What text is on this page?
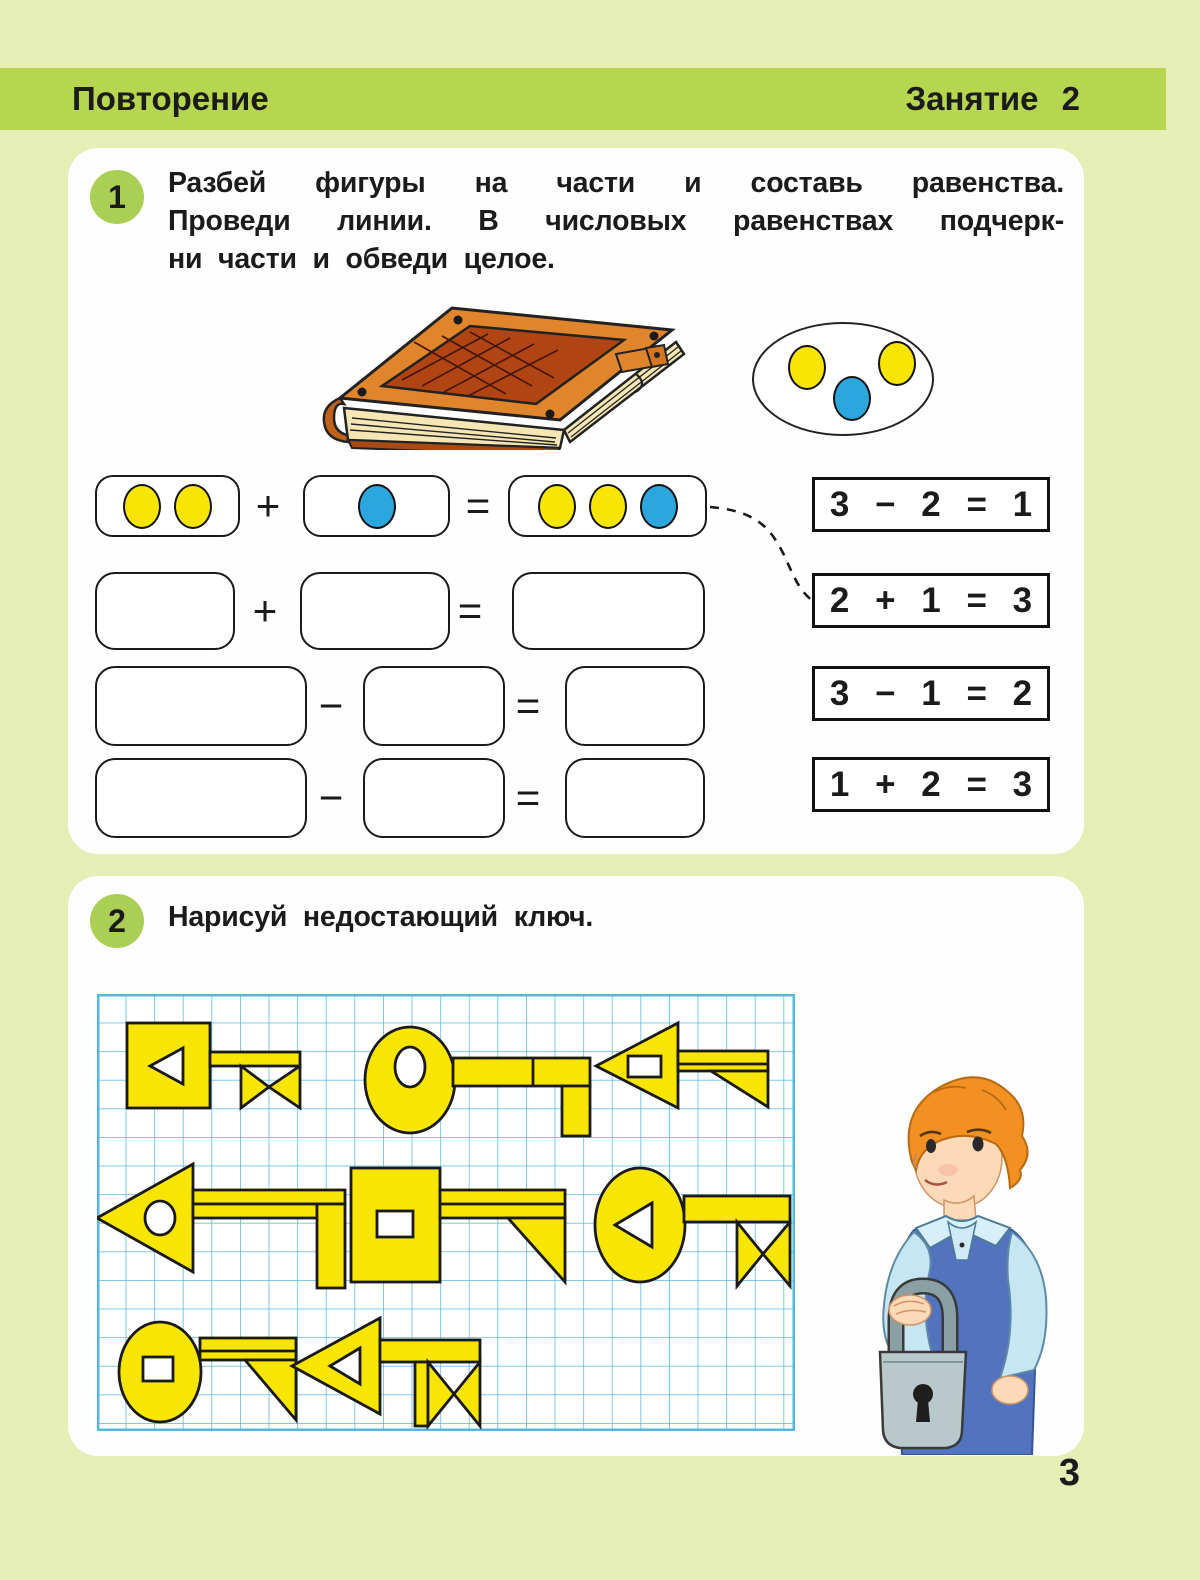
Повторение	Занятие 2
1	Разбей фигуры на части и составь равенства.
Проведи линии. В числовых равенствах подчерк-
ни части и обведи целое.
+	=
+	=
−	=
−	=
3 − 2 = 1
2 + 1 = 3
3 − 1 = 2
1 + 2 = 3
2	Нарисуй недостающий ключ.
3
